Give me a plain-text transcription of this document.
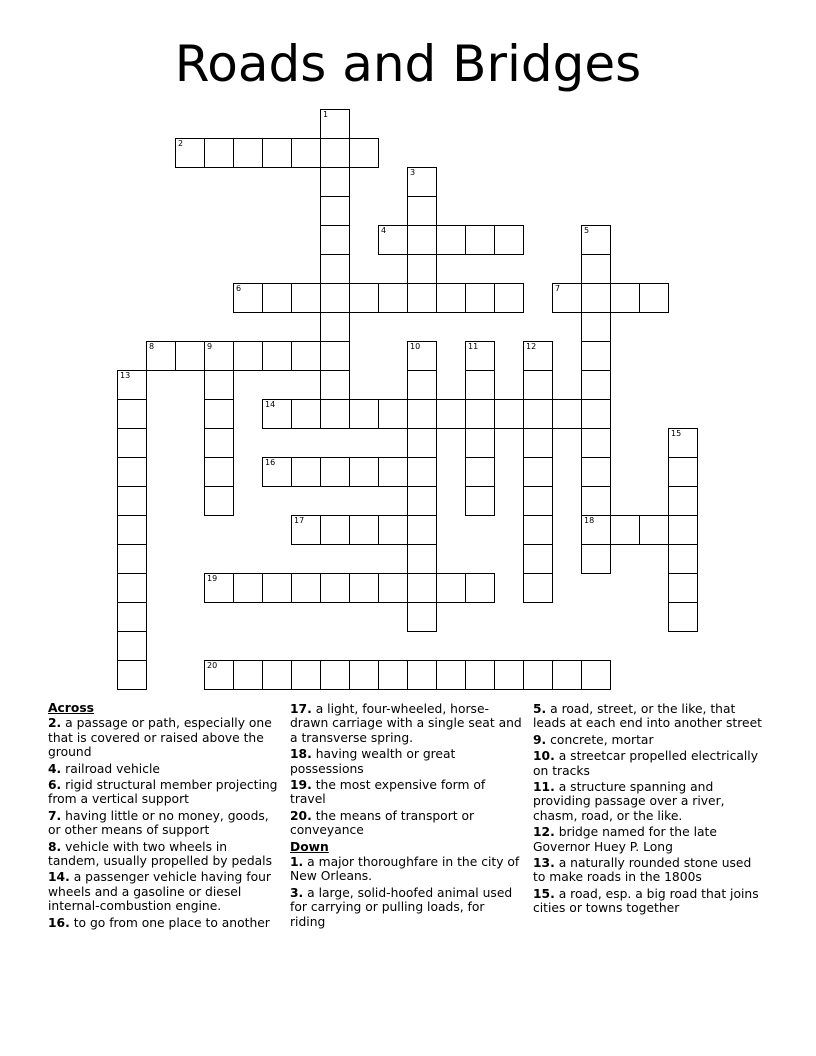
Roads and Bridges
1
2
3
4	5
18
6	7
8	9	10	11	12
13
14
15
16
17
19
20
Across
2. a passage or path, especially one that is covered or raised above the ground
4. railroad vehicle
6. rigid structural member projecting from a vertical support
7. having little or no money, goods, or other means of support
8. vehicle with two wheels in tandem, usually propelled by pedals
14. a passenger vehicle having four wheels and a gasoline or diesel internal-combustion engine.
16. to go from one place to another
17. a light, four-wheeled, horse-drawn carriage with a single seat and a transverse spring.
18. having wealth or great possessions
19. the most expensive form of travel
20. the means of transport or conveyance
Down
1. a major thoroughfare in the city of New Orleans.
3. a large, solid-hoofed animal used for carrying or pulling loads, for riding
5. a road, street, or the like, that leads at each end into another street
9. concrete, mortar
10. a streetcar propelled electrically on tracks
11. a structure spanning and providing passage over a river, chasm, road, or the like.
12. bridge named for the late Governor Huey P. Long
13. a naturally rounded stone used to make roads in the 1800s
15. a road, esp. a big road that joins cities or towns together
